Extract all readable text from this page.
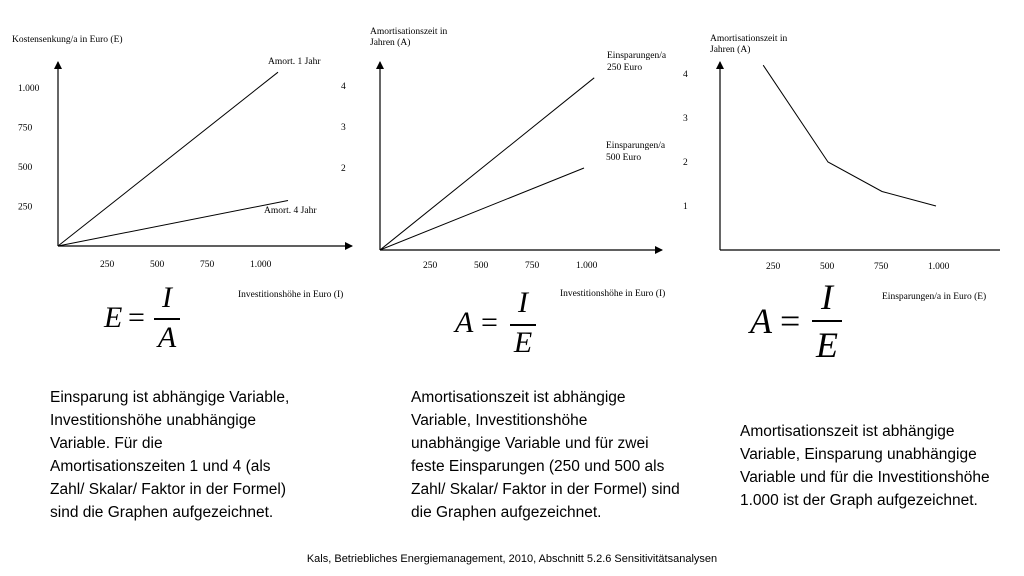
Kostensenkung/a in Euro (E)
Investitionshöhe in Euro (I)
250	500	750	1.000
250
500
750
1.000
Amort. 1 Jahr
Amort. 4 Jahr
Amortisationszeit in Jahren (A)
Investitionshöhe in Euro (I)
250	500	750	1.000
2
3
4
Einsparungen/a 250 Euro
Einsparungen/a 500 Euro
Amortisationszeit in Jahren (A)
Einsparungen/a in Euro (E)
250	500	750	1.000
1
2
3
4
E =
I
A	A =
I
E
A =
I
E

Einsparung ist abhängige Variable, Investitionshöhe unabhängige Variable. Für die Amortisationszeiten 1 und 4 (als Zahl/ Skalar/ Faktor in der Formel) sind die Graphen aufgezeichnet.

Amortisationszeit ist abhängige Variable, Investitionshöhe unabhängige Variable und für zwei feste Einsparungen (250 und 500 als Zahl/ Skalar/ Faktor in der Formel) sind die Graphen aufgezeichnet.

Amortisationszeit ist abhängige Variable, Einsparung unabhängige Variable und für die Investitionshöhe 1.000 ist der Graph aufgezeichnet.

Kals, Betriebliches Energiemanagement, 2010, Abschnitt 5.2.6 Sensitivitätsanalysen
